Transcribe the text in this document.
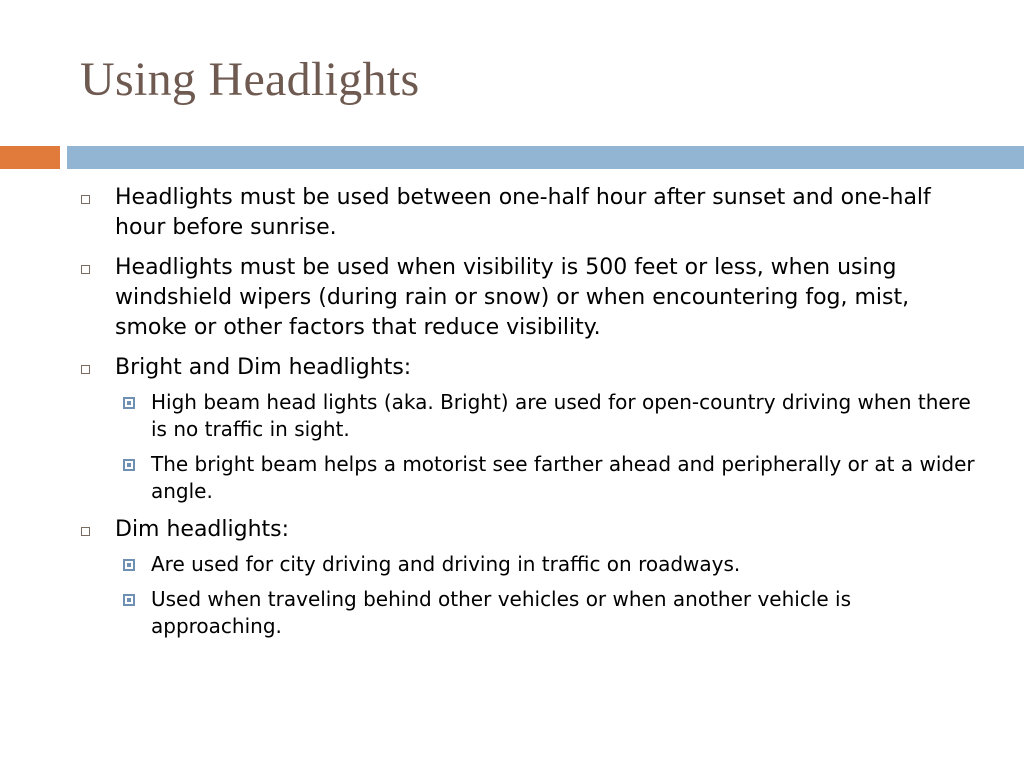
Using Headlights
Headlights must be used between one-half hour after sunset and one-half hour before sunrise.
Headlights must be used when visibility is 500 feet or less, when using windshield wipers (during rain or snow) or when encountering fog, mist, smoke or other factors that reduce visibility.
Bright and Dim headlights:
High beam head lights (aka. Bright) are used for open-country driving when there is no traffic in sight.
The bright beam helps a motorist see farther ahead and peripherally or at a wider angle.
Dim headlights:
Are used for city driving and driving in traffic on roadways.
Used when traveling behind other vehicles or when another vehicle is approaching.
